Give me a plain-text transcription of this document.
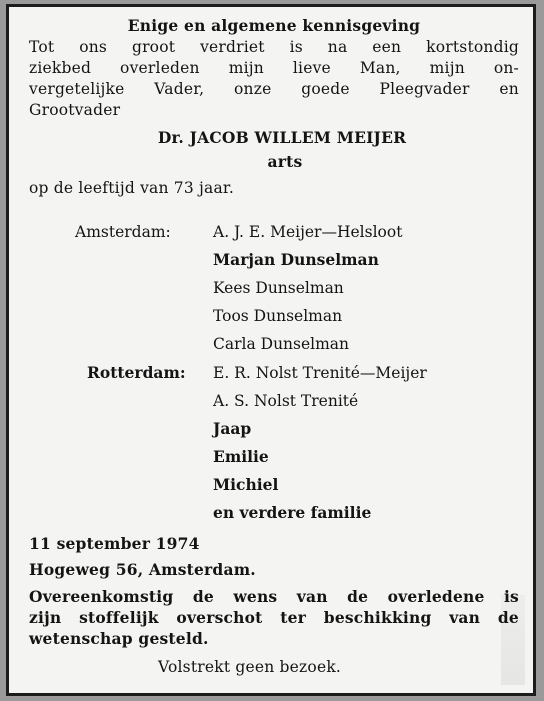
Enige en algemene kennisgeving
Tot ons groot verdriet is na een kortstondig
ziekbed overleden mijn lieve Man, mijn on-
vergetelijke Vader, onze goede Pleegvader en
Grootvader
Dr. JACOB WILLEM MEIJER
arts
op de leeftijd van 73 jaar.
Amsterdam:	A. J. E. Meijer—Helsloot
Marjan Dunselman
Kees Dunselman
Toos Dunselman
Carla Dunselman
Rotterdam: E. R. Nolst Trenité—Meijer
A. S. Nolst Trenité
Jaap
Emilie
Michiel
en verdere familie
11 september 1974
Hogeweg 56, Amsterdam.
Overeenkomstig de wens van de overledene is
zijn stoffelijk overschot ter beschikking van de
wetenschap gesteld.
Volstrekt geen bezoek.
